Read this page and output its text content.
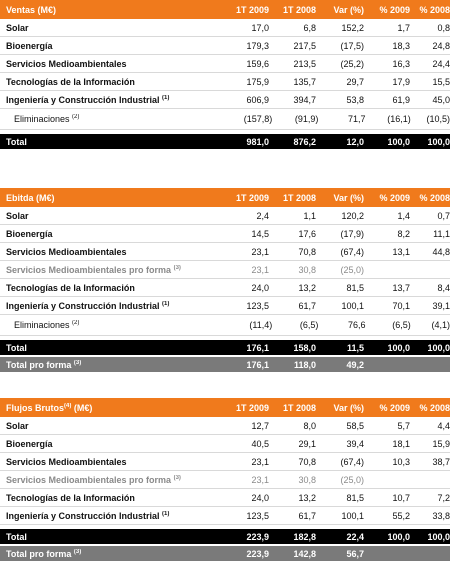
Ventas (M€)	1T 2009	1T 2008	Var (%)	% 2009	% 2008
Solar	17,0	6,8	152,2	1,7	0,8
Bioenergía	179,3	217,5	(17,5)	18,3	24,8
Servicios Medioambientales	159,6	213,5	(25,2)	16,3	24,4
Tecnologías de la Información	175,9	135,7	29,7	17,9	15,5
Ingeniería y Construcción Industrial $^{(1)}$	606,9	394,7	53,8	61,9	45,0
Eliminaciones $^{(2)}$	(157,8)	(91,9)	71,7	(16,1)	(10,5)
Total	981,0	876,2	12,0	100,0	100,0
Ebitda (M€)	1T 2009	1T 2008	Var (%)	% 2009	% 2008
Solar	2,4	1,1	120,2	1,4	0,7
Bioenergía	14,5	17,6	(17,9)	8,2	11,1
Servicios Medioambientales	23,1	70,8	(67,4)	13,1	44,8
Servicios Medioambientales pro forma $^{(3)}$	23,1	30,8	(25,0)
Tecnologías de la Información	24,0	13,2	81,5	13,7	8,4
Ingeniería y Construcción Industrial $^{(1)}$	123,5	61,7	100,1	70,1	39,1
Eliminaciones $^{(2)}$	(11,4)	(6,5)	76,6	(6,5)	(4,1)
Total	176,1	158,0	11,5	100,0	100,0
Total pro forma $^{(3)}$	176,1	118,0	49,2
Flujos Brutos$^{(4)}$ (M€)	1T 2009	1T 2008	Var (%)	% 2009	% 2008
Solar	12,7	8,0	58,5	5,7	4,4
Bioenergía	40,5	29,1	39,4	18,1	15,9
Servicios Medioambientales	23,1	70,8	(67,4)	10,3	38,7
Servicios Medioambientales pro forma $^{(3)}$	23,1	30,8	(25,0)
Tecnologías de la Información	24,0	13,2	81,5	10,7	7,2
Ingeniería y Construcción Industrial $^{(1)}$	123,5	61,7	100,1	55,2	33,8
Total	223,9	182,8	22,4	100,0	100,0
Total pro forma $^{(3)}$	223,9	142,8	56,7
